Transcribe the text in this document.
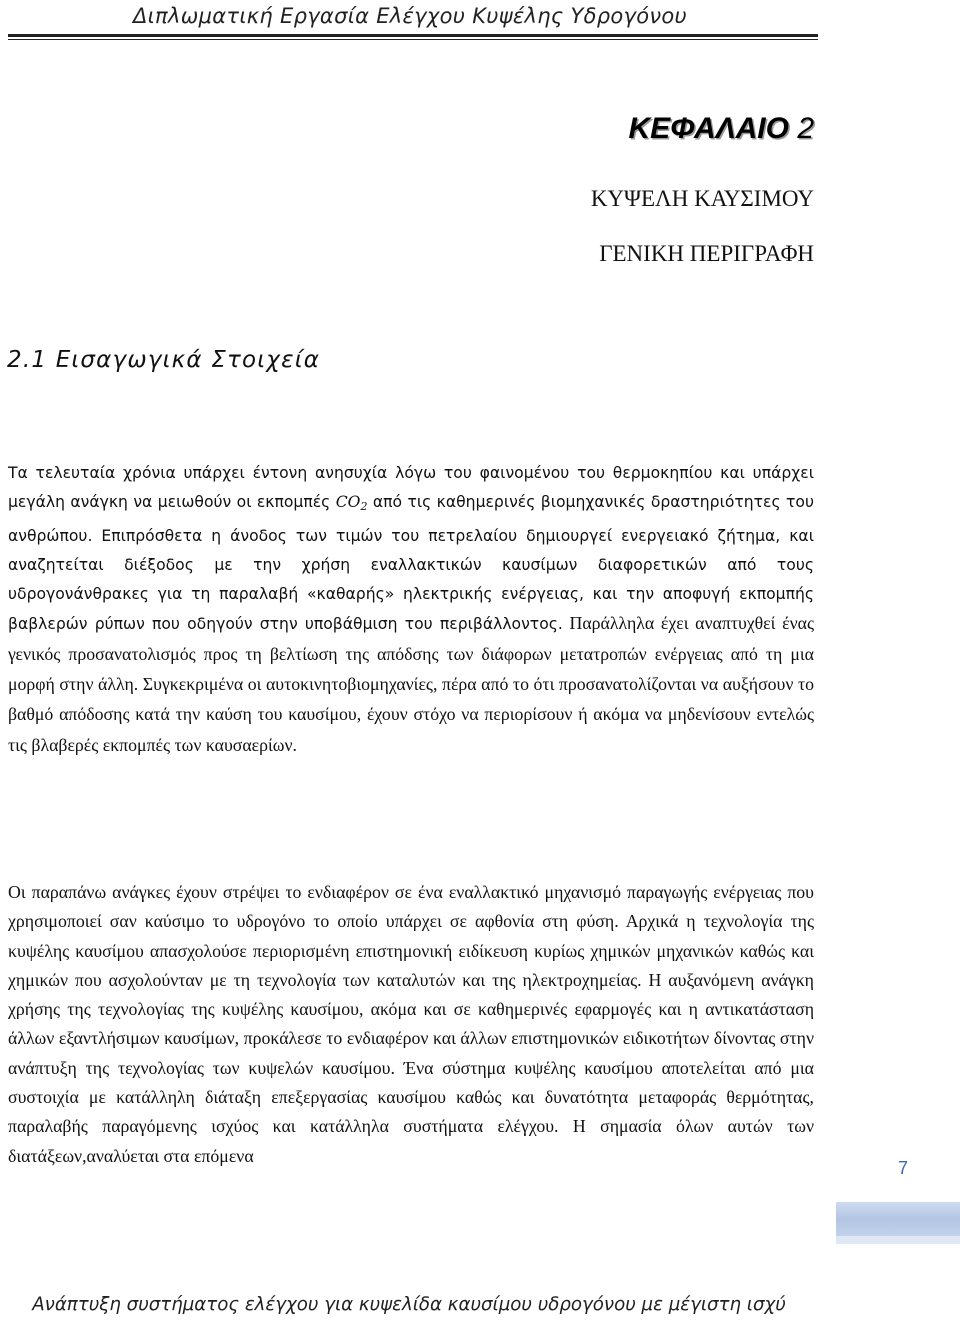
Διπλωματική Εργασία Ελέγχου Κυψέλης Υδρογόνου
ΚΕΦΑΛΑΙΟ 2
ΚΥΨΕΛΗ ΚΑΥΣΙΜΟΥ
ΓΕΝΙΚΗ ΠΕΡΙΓΡΑΦΗ
2.1 Εισαγωγικά Στοιχεία
Τα τελευταία χρόνια υπάρχει έντονη ανησυχία λόγω του φαινομένου του θερμοκηπίου και υπάρχει μεγάλη ανάγκη να μειωθούν οι εκπομπές $CO_2$ από τις καθημερινές βιομηχανικές δραστηριότητες του ανθρώπου. Επιπρόσθετα η άνοδος των τιμών του πετρελαίου δημιουργεί ενεργειακό ζήτημα, και αναζητείται διέξοδος με την χρήση εναλλακτικών καυσίμων διαφορετικών από τους υδρογονάνθρακες για τη παραλαβή «καθαρής» ηλεκτρικής ενέργειας, και την αποφυγή εκπομπής βαβλερών ρύπων που οδηγούν στην υποβάθμιση του περιβάλλοντος. Παράλληλα έχει αναπτυχθεί ένας γενικός προσανατολισμός προς τη βελτίωση της απόδσης των διάφορων μετατροπών ενέργειας από τη μια μορφή στην άλλη. Συγκεκριμένα οι αυτοκινητοβιομηχανίες, πέρα από το ότι προσανατολίζονται να αυξήσουν το βαθμό απόδοσης κατά την καύση του καυσίμου, έχουν στόχο να περιορίσουν ή ακόμα να μηδενίσουν εντελώς τις βλαβερές εκπομπές των καυσαερίων.
Οι παραπάνω ανάγκες έχουν στρέψει το ενδιαφέρον σε ένα εναλλακτικό μηχανισμό παραγωγής ενέργειας που χρησιμοποιεί σαν καύσιμο το υδρογόνο το οποίο υπάρχει σε αφθονία στη φύση. Αρχικά η τεχνολογία της κυψέλης καυσίμου απασχολούσε περιορισμένη επιστημονική ειδίκευση κυρίως χημικών μηχανικών καθώς και χημικών που ασχολούνταν με τη τεχνολογία των καταλυτών και της ηλεκτροχημείας. Η αυξανόμενη ανάγκη χρήσης της τεχνολογίας της κυψέλης καυσίμου, ακόμα και σε καθημερινές εφαρμογές και η αντικατάσταση άλλων εξαντλήσιμων καυσίμων, προκάλεσε το ενδιαφέρον και άλλων επιστημονικών ειδικοτήτων δίνοντας στην ανάπτυξη της τεχνολογίας των κυψελών καυσίμου. Ένα σύστημα κυψέλης καυσίμου αποτελείται από μια συστοιχία με κατάλληλη διάταξη επεξεργασίας καυσίμου καθώς και δυνατότητα μεταφοράς θερμότητας, παραλαβής παραγόμενης ισχύος και κατάλληλα συστήματα ελέγχου. Η σημασία όλων αυτών των διατάξεων,αναλύεται στα επόμενα
7
Ανάπτυξη συστήματος ελέγχου για κυψελίδα καυσίμου υδρογόνου με μέγιστη ισχύ
